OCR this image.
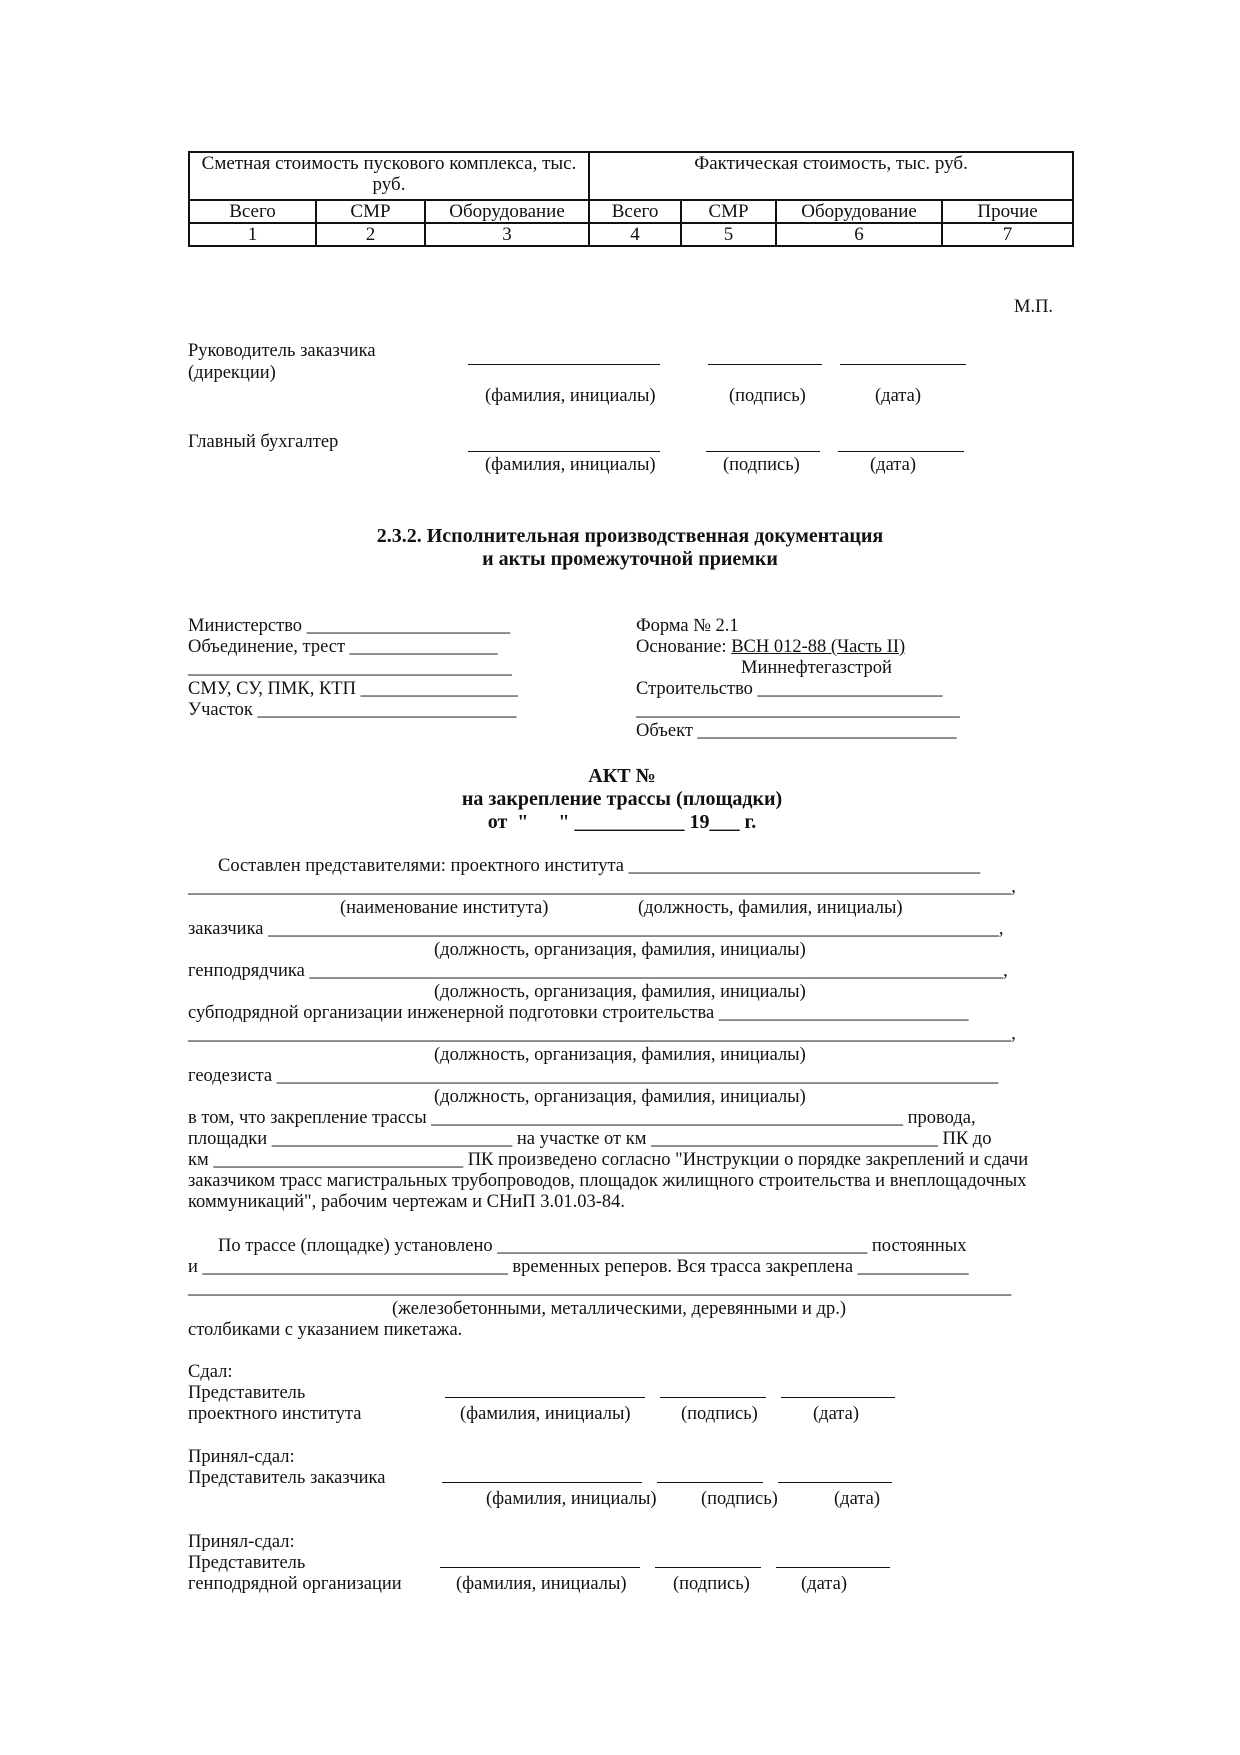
Сметная стоимость пускового комплекса, тыс. руб.			Фактическая стоимость, тыс. руб.			
Всего	СМР	Оборудование	Всего	СМР	Оборудование	Прочие
1	2	3	4	5	6	7
М.П.
Руководитель заказчика
(дирекции)
(фамилия, инициалы)	(подпись)	(дата)
Главный бухгалтер
(фамилия, инициалы)	(подпись)	(дата)
2.3.2. Исполнительная производственная документация
и акты промежуточной приемки
Министерство ______________________
Объединение, трест ________________
___________________________________
СМУ, СУ, ПМК, КТП _________________
Участок ____________________________
Форма № 2.1
Основание: ВСН 012-88 (Часть II)
Миннефтегазстрой
Строительство ____________________
___________________________________
Объект ____________________________
АКТ №
на закрепление трассы (площадки)
от  "      " ___________ 19___ г.
Составлен представителями: проектного института ______________________________________
_________________________________________________________________________________________,
(наименование института)	(должность, фамилия, инициалы)
заказчика _______________________________________________________________________________,
(должность, организация, фамилия, инициалы)
генподрядчика ___________________________________________________________________________,
(должность, организация, фамилия, инициалы)
субподрядной организации инженерной подготовки строительства ___________________________
_________________________________________________________________________________________,
(должность, организация, фамилия, инициалы)
геодезиста ______________________________________________________________________________
(должность, организация, фамилия, инициалы)
в том, что закрепление трассы ___________________________________________________ провода,
площадки __________________________ на участке от км _______________________________ ПК до
км ___________________________ ПК произведено согласно "Инструкции о порядке закреплений и сдачи
заказчиком трасс магистральных трубопроводов, площадок жилищного строительства и внеплощадочных
коммуникаций", рабочим чертежам и СНиП 3.01.03-84.
По трассе (площадке) установлено ________________________________________ постоянных
и _________________________________ временных реперов. Вся трасса закреплена ____________
_________________________________________________________________________________________
(железобетонными, металлическими, деревянными и др.)
столбиками с указанием пикетажа.
Сдал:
Представитель
проектного института	(фамилия, инициалы)	(подпись)	(дата)
Принял-сдал:
Представитель заказчика
(фамилия, инициалы) (подпись)	(дата)
Принял-сдал:
Представитель
генподрядной организации	(фамилия, инициалы)	(подпись)	(дата)
